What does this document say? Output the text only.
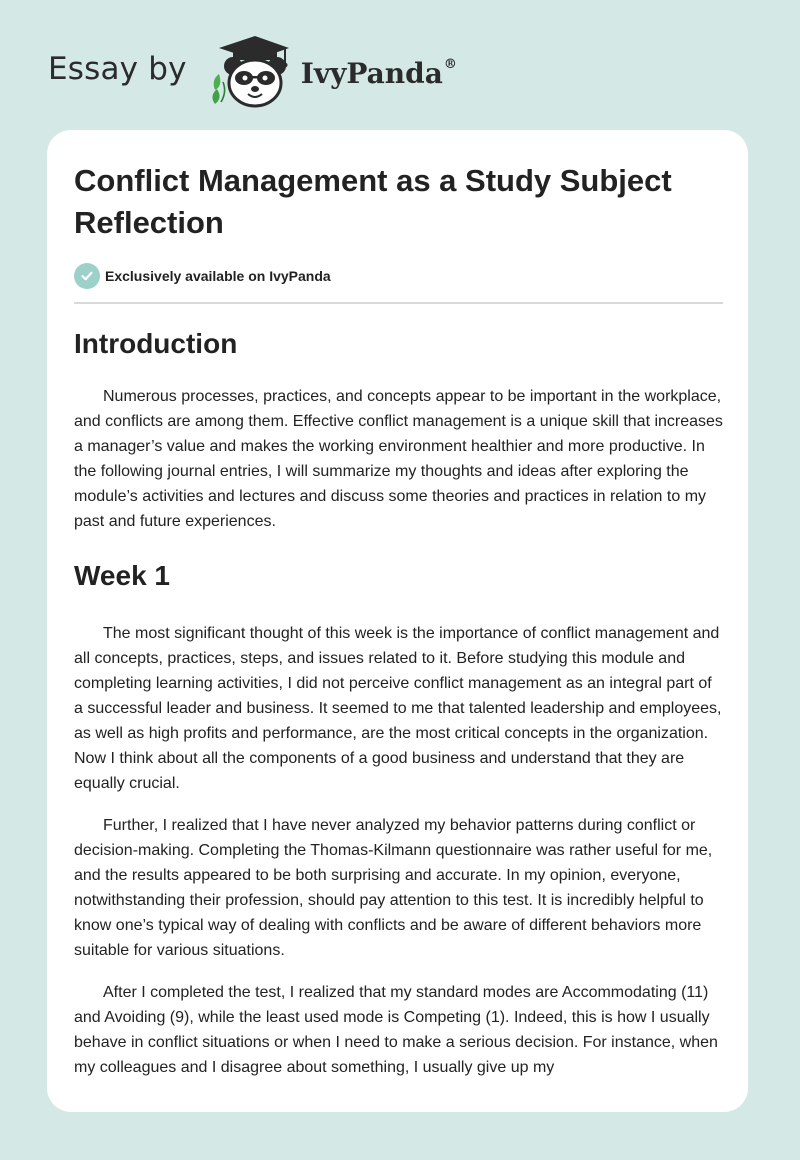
Essay by	IvyPanda®
Conflict Management as a Study Subject Reflection
Exclusively available on IvyPanda
Introduction

Numerous processes, practices, and concepts appear to be important in the workplace, and conflicts are among them. Effective conflict management is a unique skill that increases a manager’s value and makes the working environment healthier and more productive. In the following journal entries, I will summarize my thoughts and ideas after exploring the module’s activities and lectures and discuss some theories and practices in relation to my past and future experiences.

Week 1

The most significant thought of this week is the importance of conflict management and all concepts, practices, steps, and issues related to it. Before studying this module and completing learning activities, I did not perceive conflict management as an integral part of a successful leader and business. It seemed to me that talented leadership and employees, as well as high profits and performance, are the most critical concepts in the organization. Now I think about all the components of a good business and understand that they are equally crucial.

Further, I realized that I have never analyzed my behavior patterns during conflict or decision-making. Completing the Thomas-Kilmann questionnaire was rather useful for me, and the results appeared to be both surprising and accurate. In my opinion, everyone, notwithstanding their profession, should pay attention to this test. It is incredibly helpful to know one’s typical way of dealing with conflicts and be aware of different behaviors more suitable for various situations.

After I completed the test, I realized that my standard modes are Accommodating (11) and Avoiding (9), while the least used mode is Competing (1). Indeed, this is how I usually behave in conflict situations or when I need to make a serious decision. For instance, when my colleagues and I disagree about something, I usually give up my
